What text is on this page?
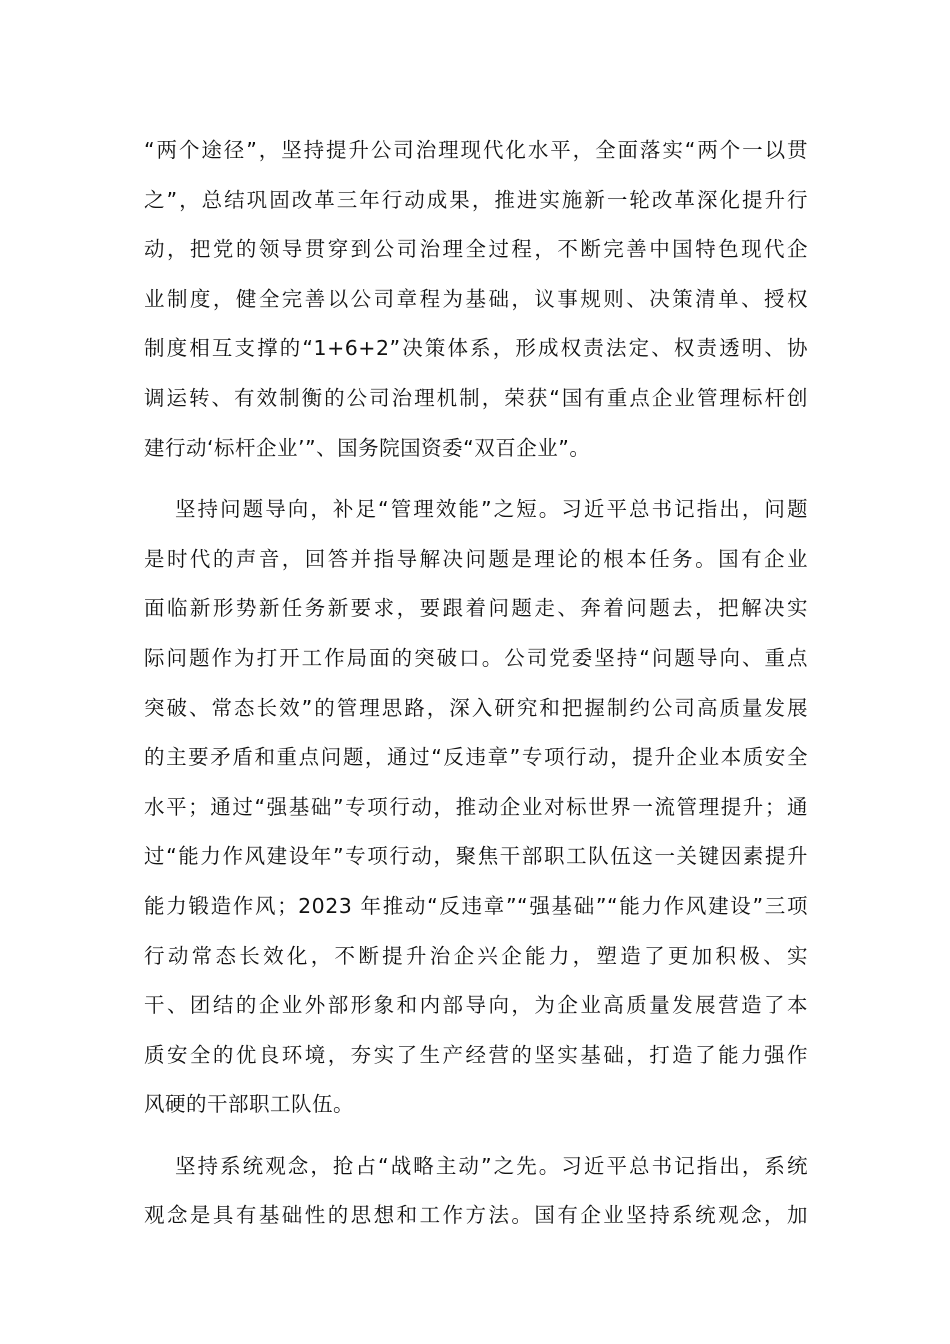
“两个途径”，坚持提升公司治理现代化水平，全面落实“两个一以贯
之”，总结巩固改革三年行动成果，推进实施新一轮改革深化提升行
动，把党的领导贯穿到公司治理全过程，不断完善中国特色现代企
业制度，健全完善以公司章程为基础，议事规则、决策清单、授权
制度相互支撑的“1+6+2”决策体系，形成权责法定、权责透明、协
调运转、有效制衡的公司治理机制，荣获“国有重点企业管理标杆创
建行动‘标杆企业’”、国务院国资委“双百企业”。
坚持问题导向，补足“管理效能”之短。习近平总书记指出，问题
是时代的声音，回答并指导解决问题是理论的根本任务。国有企业
面临新形势新任务新要求，要跟着问题走、奔着问题去，把解决实
际问题作为打开工作局面的突破口。公司党委坚持“问题导向、重点
突破、常态长效”的管理思路，深入研究和把握制约公司高质量发展
的主要矛盾和重点问题，通过“反违章”专项行动，提升企业本质安全
水平；通过“强基础”专项行动，推动企业对标世界一流管理提升；通
过“能力作风建设年”专项行动，聚焦干部职工队伍这一关键因素提升
能力锻造作风；2023 年推动“反违章”“强基础”“能力作风建设”三项
行动常态长效化，不断提升治企兴企能力，塑造了更加积极、实
干、团结的企业外部形象和内部导向，为企业高质量发展营造了本
质安全的优良环境，夯实了生产经营的坚实基础，打造了能力强作
风硬的干部职工队伍。
坚持系统观念，抢占“战略主动”之先。习近平总书记指出，系统
观念是具有基础性的思想和工作方法。国有企业坚持系统观念，加
